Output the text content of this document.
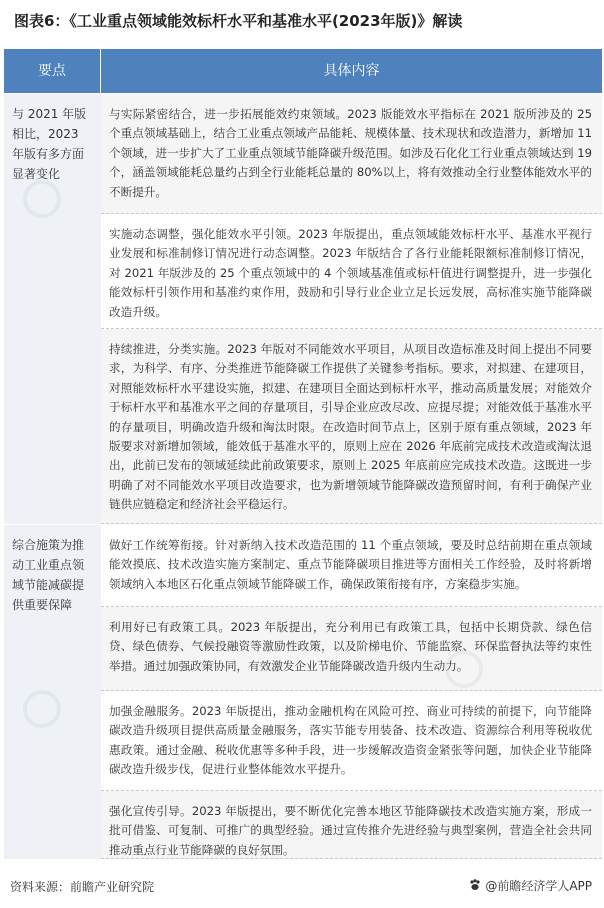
图表6：《工业重点领域能效标杆水平和基准水平(2023年版)》解读
要点	具体内容
与 2021 年版相比，2023 年版有多方面显著变化
与实际紧密结合，进一步拓展能效约束领域。2023 版能效水平指标在 2021 版所涉及的 25 个重点领域基础上，结合工业重点领域产品能耗、规模体量、技术现状和改造潜力，新增加 11 个领域，进一步扩大了工业重点领域节能降碳升级范围。如涉及石化化工行业重点领域达到 19 个，涵盖领域能耗总量约占到全行业能耗总量的 80%以上，将有效推动全行业整体能效水平的不断提升。
实施动态调整，强化能效水平引领。2023 年版提出，重点领域能效标杆水平、基准水平视行业发展和标准制修订情况进行动态调整。2023 年版结合了各行业能耗限额标准制修订情况，对 2021 年版涉及的 25 个重点领域中的 4 个领域基准值或标杆值进行调整提升，进一步强化能效标杆引领作用和基准约束作用，鼓励和引导行业企业立足长远发展，高标准实施节能降碳改造升级。
持续推进，分类实施。2023 年版对不同能效水平项目，从项目改造标准及时间上提出不同要求，为科学、有序、分类推进节能降碳工作提供了关键参考指标。要求，对拟建、在建项目，对照能效标杆水平建设实施，拟建、在建项目全面达到标杆水平，推动高质量发展；对能效介于标杆水平和基准水平之间的存量项目，引导企业应改尽改、应提尽提；对能效低于基准水平的存量项目，明确改造升级和淘汰时限。在改造时间节点上，区别于原有重点领域，2023 年版要求对新增加领域，能效低于基准水平的，原则上应在 2026 年底前完成技术改造或淘汰退出，此前已发布的领域延续此前政策要求，原则上 2025 年底前应完成技术改造。这既进一步明确了对不同能效水平项目改造要求，也为新增领域节能降碳改造预留时间，有利于确保产业链供应链稳定和经济社会平稳运行。
综合施策为推动工业重点领域节能减碳提供重要保障
做好工作统筹衔接。针对新纳入技术改造范围的 11 个重点领域，要及时总结前期在重点领域能效摸底、技术改造实施方案制定、重点节能降碳项目推进等方面相关工作经验，及时将新增领域纳入本地区石化重点领域节能降碳工作，确保政策衔接有序，方案稳步实施。
利用好已有政策工具。2023 年版提出，充分利用已有政策工具，包括中长期贷款、绿色信贷、绿色债券、气候投融资等激励性政策，以及阶梯电价、节能监察、环保监督执法等约束性举措。通过加强政策协同，有效激发企业节能降碳改造升级内生动力。
加强金融服务。2023 年版提出，推动金融机构在风险可控、商业可持续的前提下，向节能降碳改造升级项目提供高质量金融服务，落实节能专用装备、技术改造、资源综合利用等税收优惠政策。通过金融、税收优惠等多种手段，进一步缓解改造资金紧张等问题，加快企业节能降碳改造升级步伐，促进行业整体能效水平提升。
强化宣传引导。2023 年版提出，要不断优化完善本地区节能降碳技术改造实施方案，形成一批可借鉴、可复制、可推广的典型经验。通过宣传推介先进经验与典型案例，营造全社会共同推动重点行业节能降碳的良好氛围。
资料来源：前瞻产业研究院	@前瞻经济学人APP
